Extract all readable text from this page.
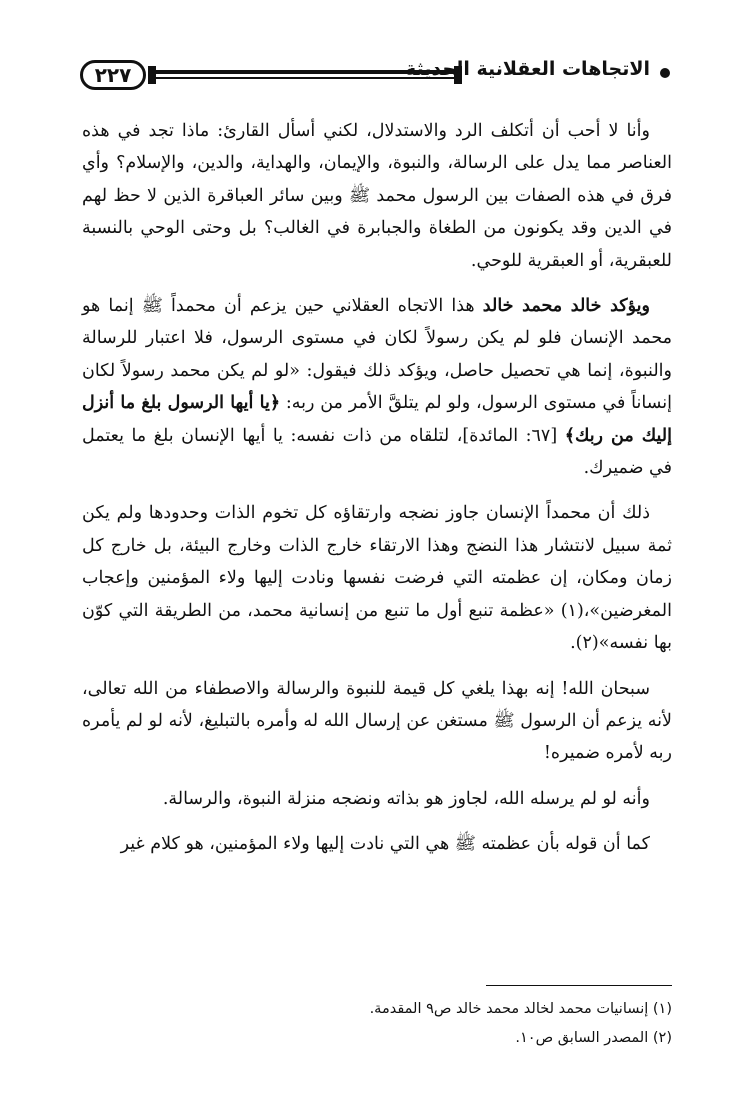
٢٢٧	الاتجاهات العقلانية الحديثة

وأنا لا أحب أن أتكلف الرد والاستدلال، لكني أسأل القارئ: ماذا تجد في هذه العناصر مما يدل على الرسالة، والنبوة، والإيمان، والهداية، والدين، والإسلام؟ وأي فرق في هذه الصفات بين الرسول محمد ﷺ وبين سائر العباقرة الذين لا حظ لهم في الدين وقد يكونون من الطغاة والجبابرة في الغالب؟ بل وحتى الوحي بالنسبة للعبقرية، أو العبقرية للوحي.

ويؤكد خالد محمد خالد هذا الاتجاه العقلاني حين يزعم أن محمداً ﷺ إنما هو محمد الإنسان فلو لم يكن رسولاً لكان في مستوى الرسول، فلا اعتبار للرسالة والنبوة، إنما هي تحصيل حاصل، ويؤكد ذلك فيقول: «لو لم يكن محمد رسولاً لكان إنساناً في مستوى الرسول، ولو لم يتلقَّ الأمر من ربه: ﴿يا أيها الرسول بلغ ما أنزل إليك من ربك﴾ [٦٧: المائدة]، لتلقاه من ذات نفسه: يا أيها الإنسان بلغ ما يعتمل في ضميرك.

ذلك أن محمداً الإنسان جاوز نضجه وارتقاؤه كل تخوم الذات وحدودها ولم يكن ثمة سبيل لانتشار هذا النضج وهذا الارتقاء خارج الذات وخارج البيئة، بل خارج كل زمان ومكان، إن عظمته التي فرضت نفسها ونادت إليها ولاء المؤمنين وإعجاب المغرضين»،(١) «عظمة تنبع أول ما تنبع من إنسانية محمد، من الطريقة التي كوّن بها نفسه»(٢).

سبحان الله! إنه بهذا يلغي كل قيمة للنبوة والرسالة والاصطفاء من الله تعالى، لأنه يزعم أن الرسول ﷺ مستغن عن إرسال الله له وأمره بالتبليغ، لأنه لو لم يأمره ربه لأمره ضميره!

وأنه لو لم يرسله الله، لجاوز هو بذاته ونضجه منزلة النبوة، والرسالة.

كما أن قوله بأن عظمته ﷺ هي التي نادت إليها ولاء المؤمنين، هو كلام غير

(١) إنسانيات محمد لخالد محمد خالد ص٩ المقدمة.
(٢) المصدر السابق ص١٠.
